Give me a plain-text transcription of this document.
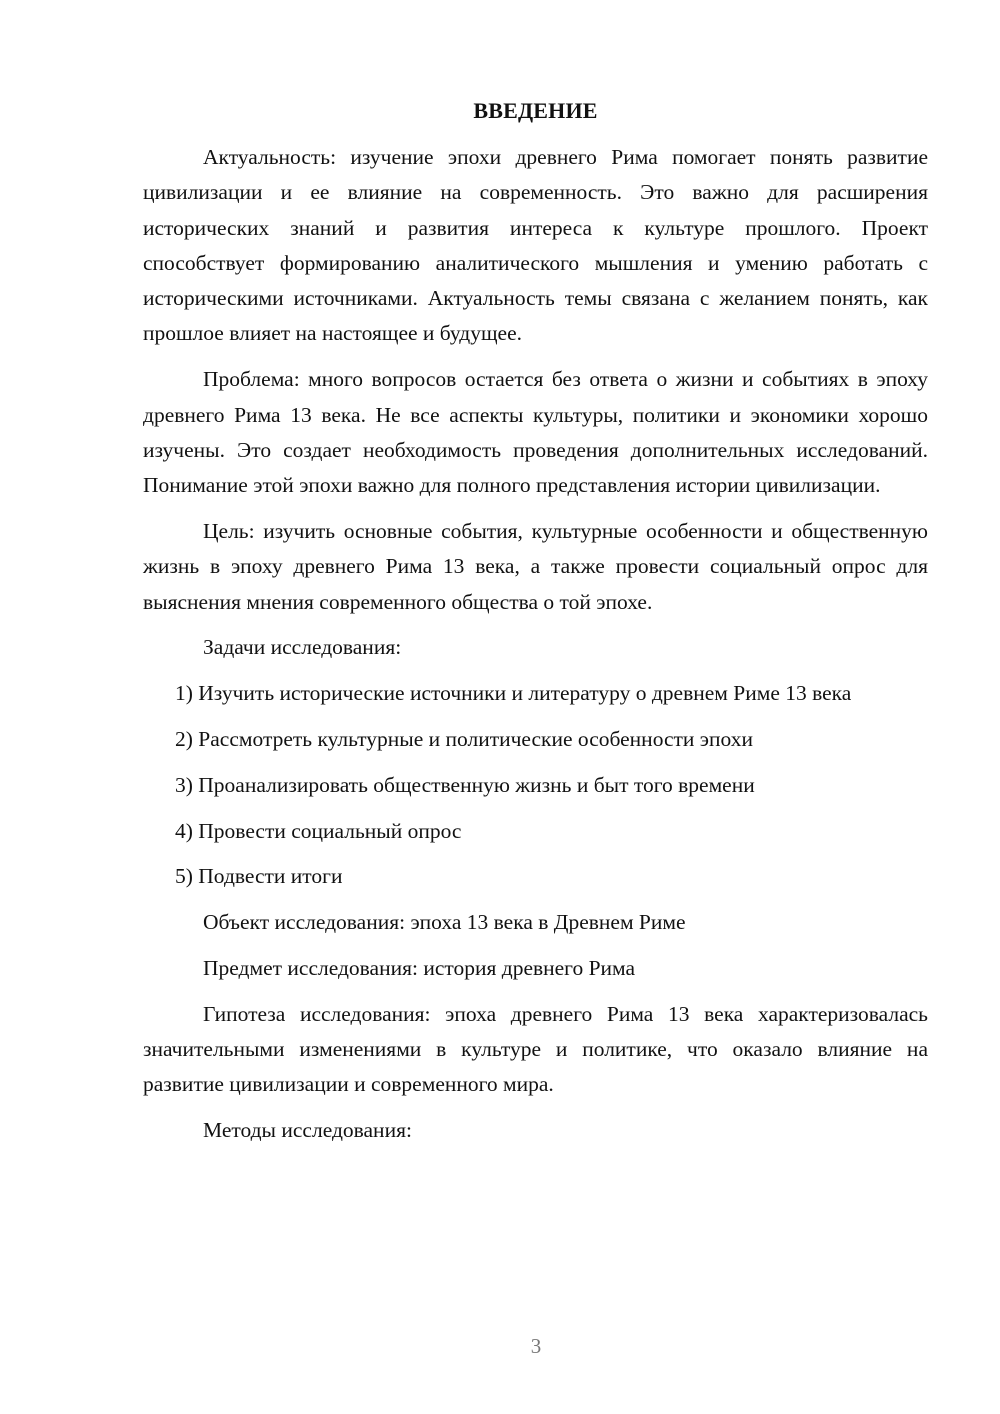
ВВЕДЕНИЕ

Актуальность: изучение эпохи древнего Рима помогает понять развитие цивилизации и ее влияние на современность. Это важно для расширения исторических знаний и развития интереса к культуре прошлого. Проект способствует формированию аналитического мышления и умению работать с историческими источниками. Актуальность темы связана с желанием понять, как прошлое влияет на настоящее и будущее.

Проблема: много вопросов остается без ответа о жизни и событиях в эпоху древнего Рима 13 века. Не все аспекты культуры, политики и экономики хорошо изучены. Это создает необходимость проведения дополнительных исследований. Понимание этой эпохи важно для полного представления истории цивилизации.

Цель: изучить основные события, культурные особенности и общественную жизнь в эпоху древнего Рима 13 века, а также провести социальный опрос для выяснения мнения современного общества о той эпохе.

Задачи исследования:

1) Изучить исторические источники и литературу о древнем Риме 13 века

2) Рассмотреть культурные и политические особенности эпохи

3) Проанализировать общественную жизнь и быт того времени

4) Провести социальный опрос

5) Подвести итоги

Объект исследования: эпоха 13 века в Древнем Риме

Предмет исследования: история древнего Рима

Гипотеза исследования: эпоха древнего Рима 13 века характеризовалась значительными изменениями в культуре и политике, что оказало влияние на развитие цивилизации и современного мира.

Методы исследования:

3
